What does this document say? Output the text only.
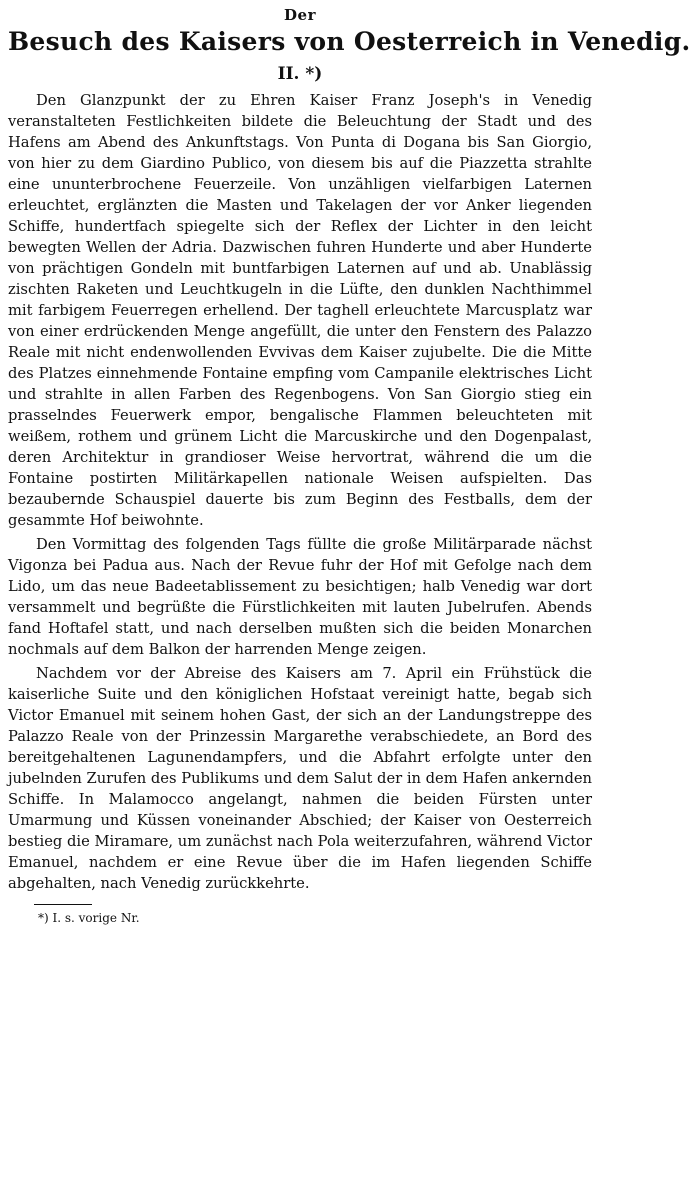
Der

Besuch des Kaisers von Oesterreich in Venedig.

II. *)

Den Glanzpunkt der zu Ehren Kaiser Franz Joseph's in Venedig veranstalteten Festlichkeiten bildete die Beleuchtung der Stadt und des Hafens am Abend des Ankunftstags. Von Punta di Dogana bis San Giorgio, von hier zu dem Giardino Publico, von diesem bis auf die Piazzetta strahlte eine ununterbrochene Feuerzeile. Von unzähligen vielfarbigen Laternen erleuchtet, erglänzten die Masten und Takelagen der vor Anker liegenden Schiffe, hundertfach spiegelte sich der Reflex der Lichter in den leicht bewegten Wellen der Adria. Dazwischen fuhren Hunderte und aber Hunderte von prächtigen Gondeln mit buntfarbigen Laternen auf und ab. Unablässig zischten Raketen und Leuchtkugeln in die Lüfte, den dunklen Nachthimmel mit farbigem Feuerregen erhellend. Der taghell erleuchtete Marcusplatz war von einer erdrückenden Menge angefüllt, die unter den Fenstern des Palazzo Reale mit nicht endenwollenden Evvivas dem Kaiser zujubelte. Die die Mitte des Platzes einnehmende Fontaine empfing vom Campanile elektrisches Licht und strahlte in allen Farben des Regenbogens. Von San Giorgio stieg ein prasselndes Feuerwerk empor, bengalische Flammen beleuchteten mit weißem, rothem und grünem Licht die Marcuskirche und den Dogenpalast, deren Architektur in grandioser Weise hervortrat, während die um die Fontaine postirten Militärkapellen nationale Weisen aufspielten. Das bezaubernde Schauspiel dauerte bis zum Beginn des Festballs, dem der gesammte Hof beiwohnte.

Den Vormittag des folgenden Tags füllte die große Militärparade nächst Vigonza bei Padua aus. Nach der Revue fuhr der Hof mit Gefolge nach dem Lido, um das neue Badeetablissement zu besichtigen; halb Venedig war dort versammelt und begrüßte die Fürstlichkeiten mit lauten Jubelrufen. Abends fand Hoftafel statt, und nach derselben mußten sich die beiden Monarchen nochmals auf dem Balkon der harrenden Menge zeigen.

Nachdem vor der Abreise des Kaisers am 7. April ein Frühstück die kaiserliche Suite und den königlichen Hofstaat vereinigt hatte, begab sich Victor Emanuel mit seinem hohen Gast, der sich an der Landungstreppe des Palazzo Reale von der Prinzessin Margarethe verabschiedete, an Bord des bereitgehaltenen Lagunendampfers, und die Abfahrt erfolgte unter den jubelnden Zurufen des Publikums und dem Salut der in dem Hafen ankernden Schiffe. In Malamocco angelangt, nahmen die beiden Fürsten unter Umarmung und Küssen voneinander Abschied; der Kaiser von Oesterreich bestieg die Miramare, um zunächst nach Pola weiterzufahren, während Victor Emanuel, nachdem er eine Revue über die im Hafen liegenden Schiffe abgehalten, nach Venedig zurückkehrte.

*) I. s. vorige Nr.
